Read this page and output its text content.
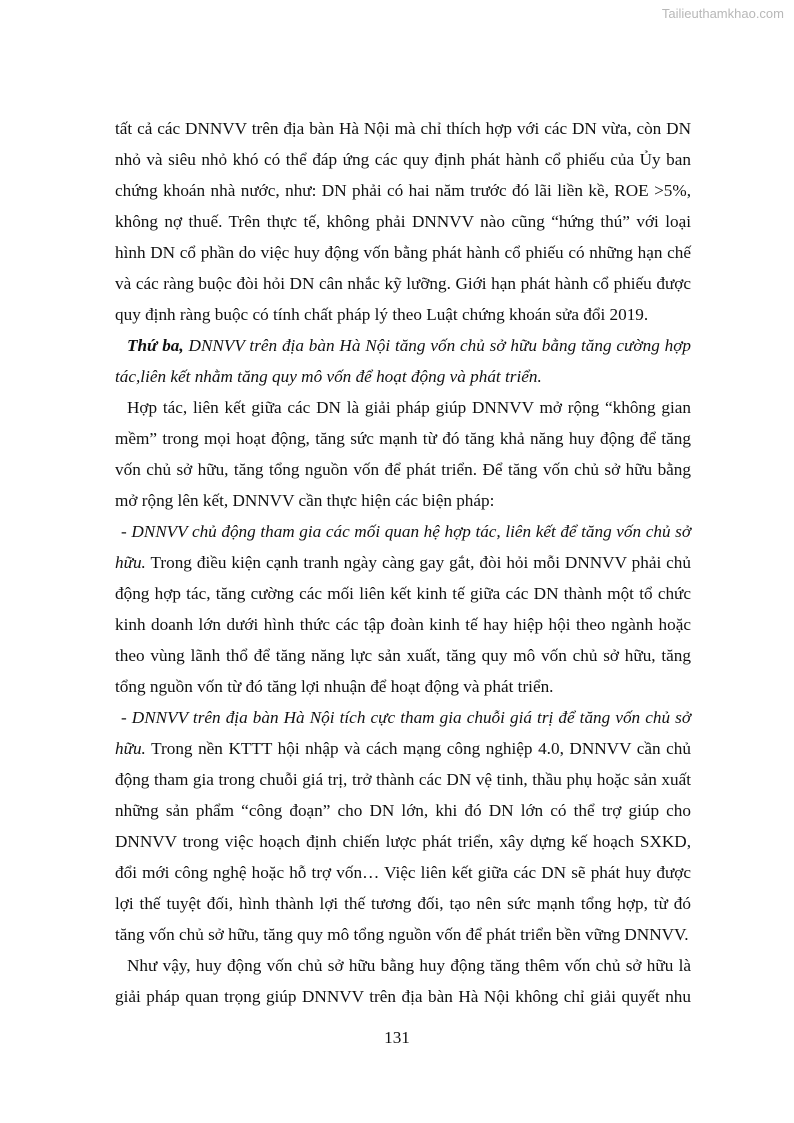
Tailieuthamkhao.com

tất cả các DNNVV trên địa bàn Hà Nội mà chỉ thích hợp với các DN vừa, còn DN nhỏ và siêu nhỏ khó có thể đáp ứng các quy định phát hành cổ phiếu của Ủy ban chứng khoán nhà nước, như: DN phải có hai năm trước đó lãi liền kề, ROE >5%, không nợ thuế. Trên thực tế, không phải DNNVV nào cũng “hứng thú” với loại hình DN cổ phần do việc huy động vốn bằng phát hành cổ phiếu có những hạn chế và các ràng buộc đòi hỏi DN cân nhắc kỹ lưỡng. Giới hạn phát hành cổ phiếu được quy định ràng buộc có tính chất pháp lý theo Luật chứng khoán sửa đổi 2019.

Thứ ba, DNNVV trên địa bàn Hà Nội tăng vốn chủ sở hữu bằng tăng cường hợp tác,liên kết nhằm tăng quy mô vốn để hoạt động và phát triển.

Hợp tác, liên kết giữa các DN là giải pháp giúp DNNVV mở rộng “không gian mềm” trong mọi hoạt động, tăng sức mạnh từ đó tăng khả năng huy động để tăng vốn chủ sở hữu, tăng tổng nguồn vốn để phát triển. Để tăng vốn chủ sở hữu bằng mở rộng lên kết, DNNVV cần thực hiện các biện pháp:

- DNNVV chủ động tham gia các mối quan hệ hợp tác, liên kết để tăng vốn chủ sở hữu. Trong điều kiện cạnh tranh ngày càng gay gắt, đòi hỏi mỗi DNNVV phải chủ động hợp tác, tăng cường các mối liên kết kinh tế giữa các DN thành một tổ chức kinh doanh lớn dưới hình thức các tập đoàn kinh tế hay hiệp hội theo ngành hoặc theo vùng lãnh thổ để tăng năng lực sản xuất, tăng quy mô vốn chủ sở hữu, tăng tổng nguồn vốn từ đó tăng lợi nhuận để hoạt động và phát triển.

- DNNVV trên địa bàn Hà Nội tích cực tham gia chuỗi giá trị để tăng vốn chủ sở hữu. Trong nền KTTT hội nhập và cách mạng công nghiệp 4.0, DNNVV cần chủ động tham gia trong chuỗi giá trị, trở thành các DN vệ tinh, thầu phụ hoặc sản xuất những sản phẩm “công đoạn” cho DN lớn, khi đó DN lớn có thể trợ giúp cho DNNVV trong việc hoạch định chiến lược phát triển, xây dựng kế hoạch SXKD, đổi mới công nghệ hoặc hỗ trợ vốn… Việc liên kết giữa các DN sẽ phát huy được lợi thế tuyệt đối, hình thành lợi thế tương đối, tạo nên sức mạnh tổng hợp, từ đó tăng vốn chủ sở hữu, tăng quy mô tổng nguồn vốn để phát triển bền vững DNNVV.

Như vậy, huy động vốn chủ sở hữu bằng huy động tăng thêm vốn chủ sở hữu là giải pháp quan trọng giúp DNNVV trên địa bàn Hà Nội không chỉ giải quyết nhu

131
